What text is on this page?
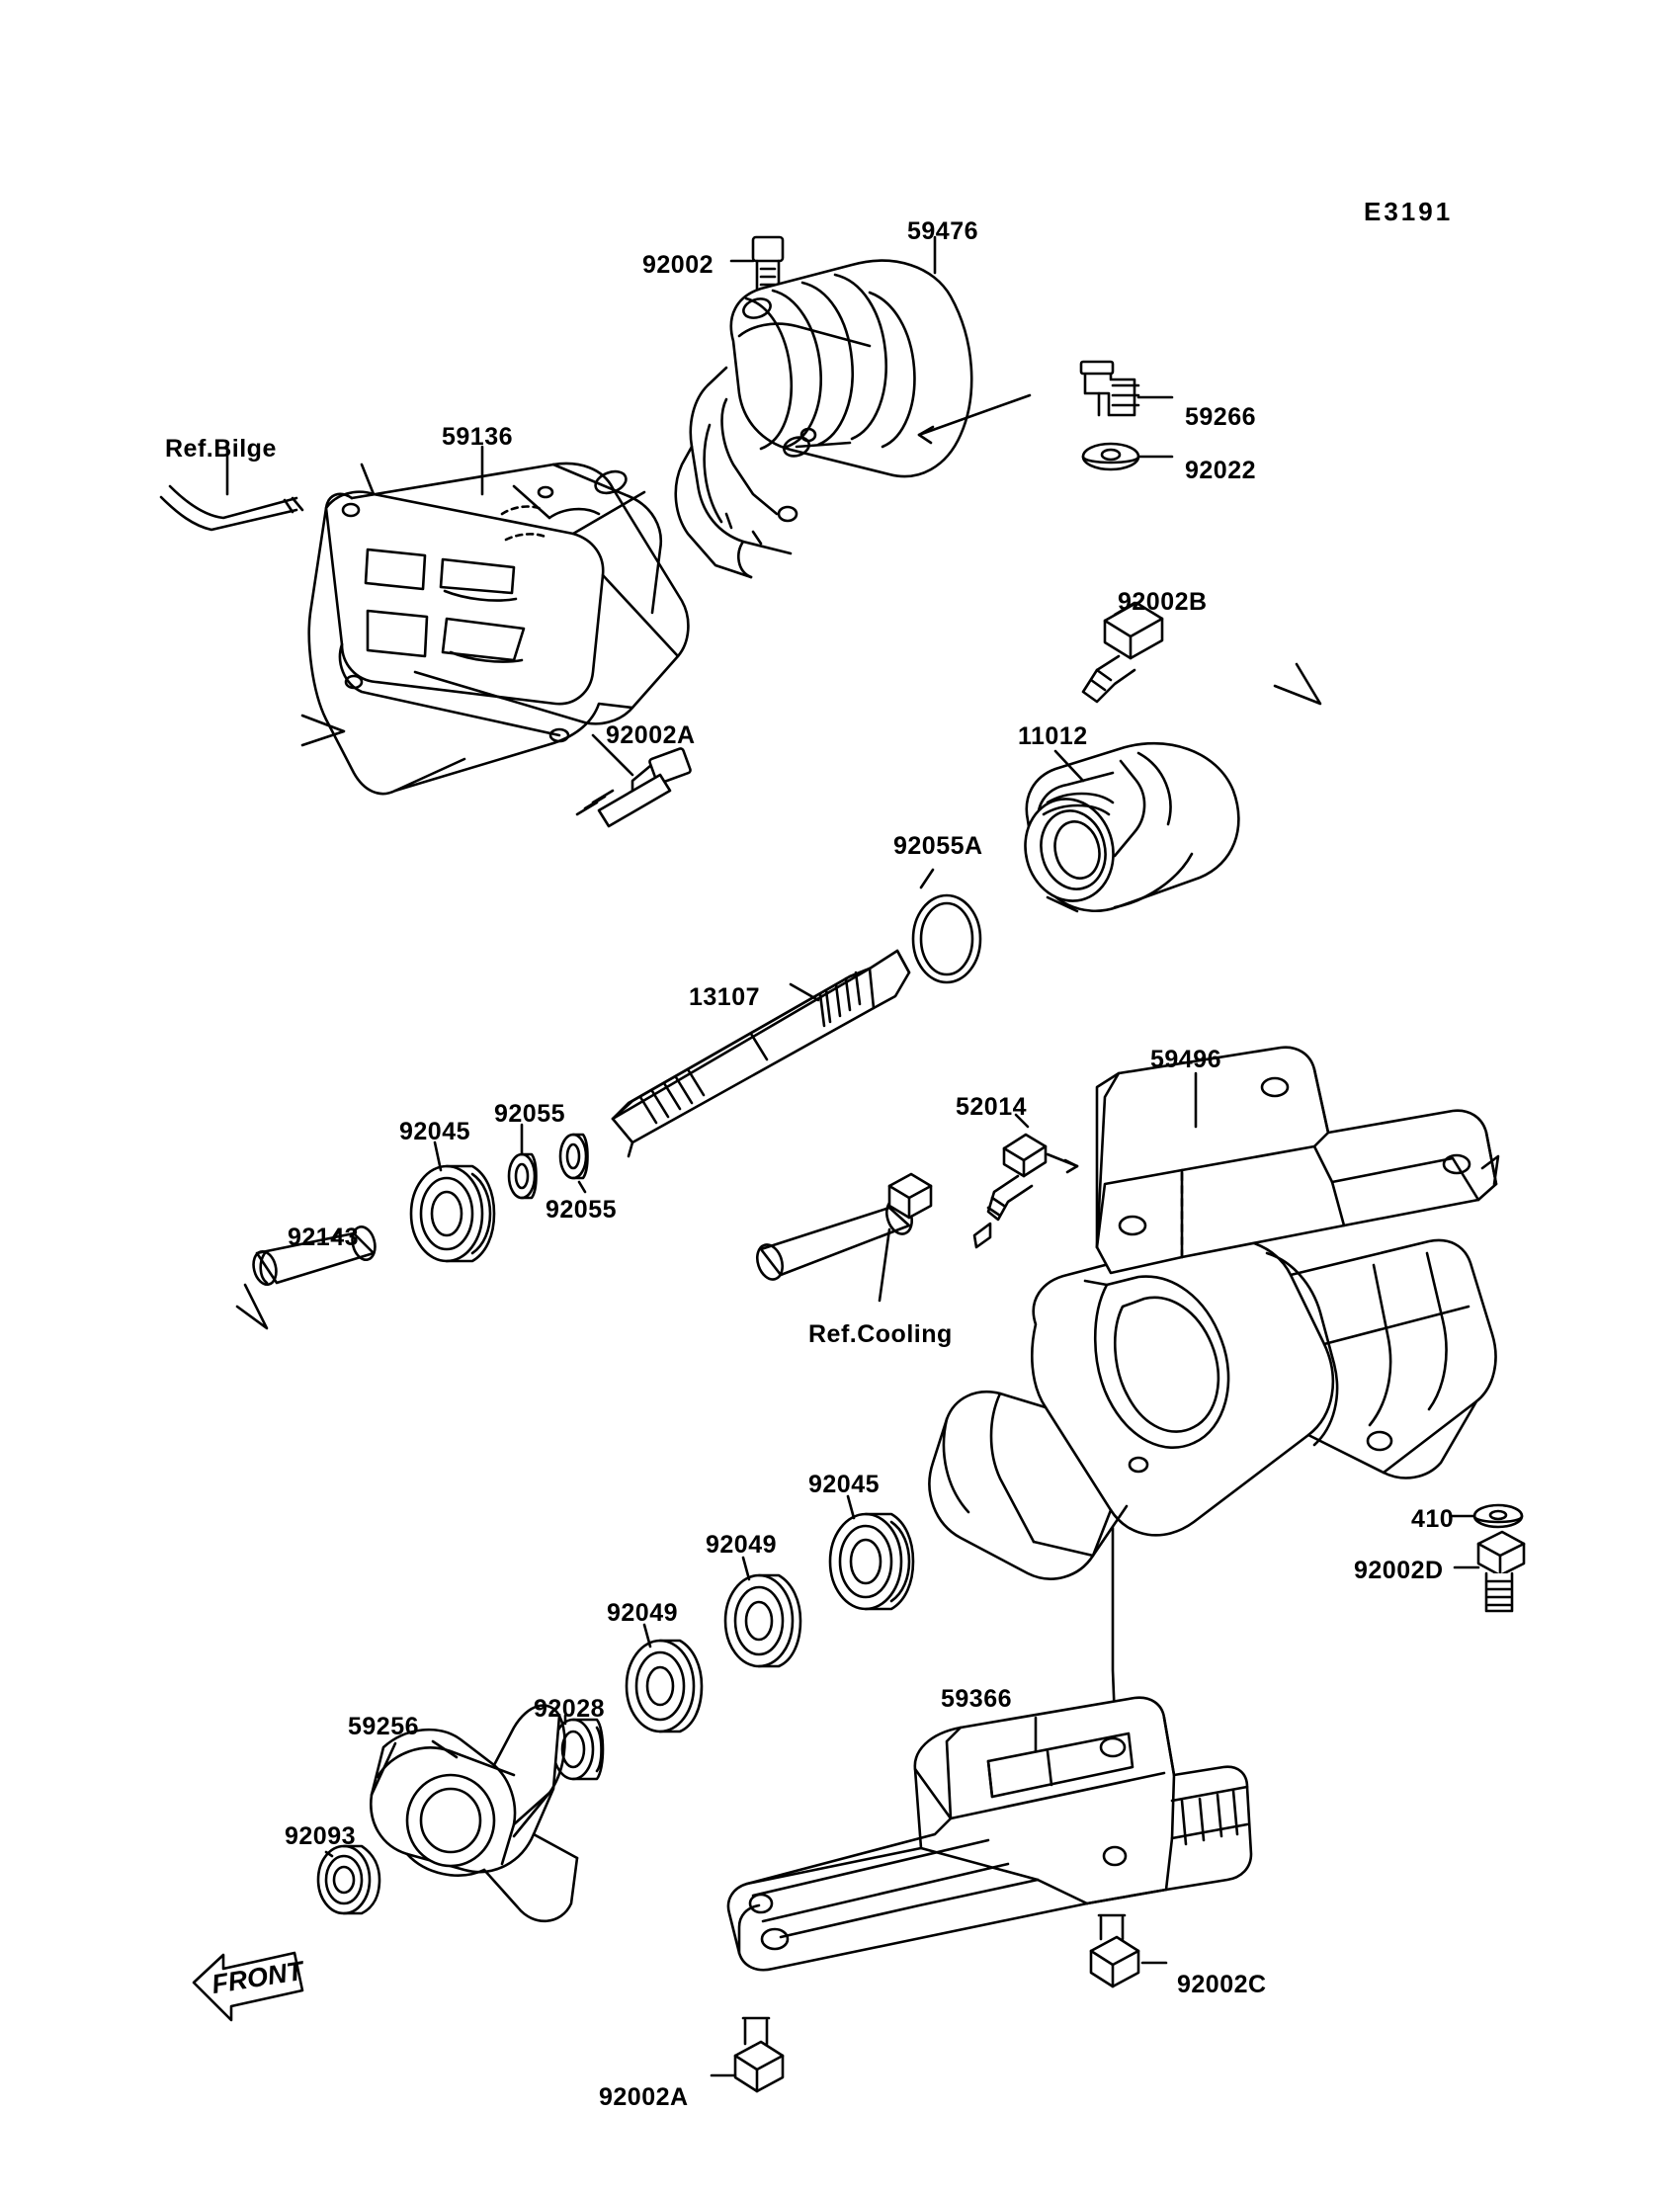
E3191
92002
59476
59266
92022
Ref.Bilge	59136
92002B
11012
92002A
92055A
13107
59496
52014
92055
92045
92055
92143
Ref.Cooling
410
92002D
92045
92049
92049
59366
92028
59256
92093
92002C
92002A
FRONT
